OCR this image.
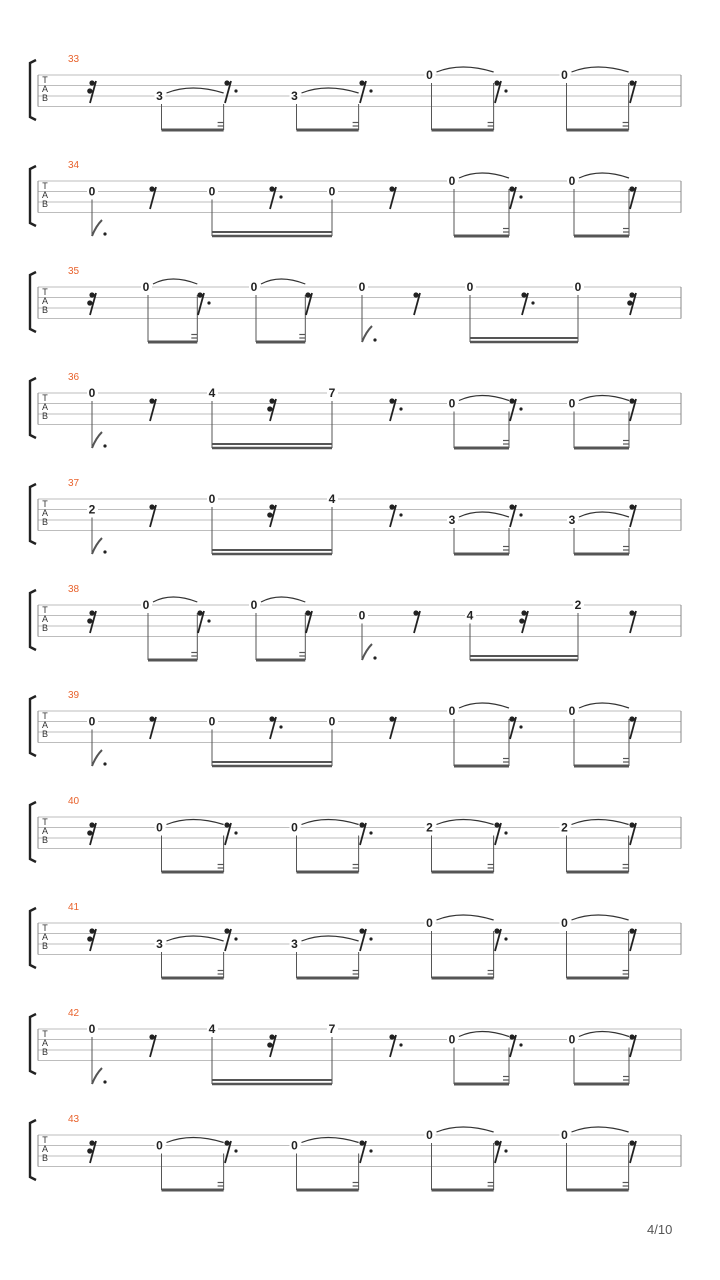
T
A
B
33
3	3
0	0
T
A
B
34
0	0	0
0	0
T
A
B
35
0	0	0	0	0
T
A
B
36
0	4	7
0	0
T
A
B
37
2
0	4
3	3
T
A
B
38
0	0
0	4
2
T
A
B
39
0	0	0
0	0
T
A
B
40
0	0	2	2
T
A
B
41
3	3
0	0
T
A
B
42
0	4	7
0	0
T
A
B
43
0	0
0	0
4/10
